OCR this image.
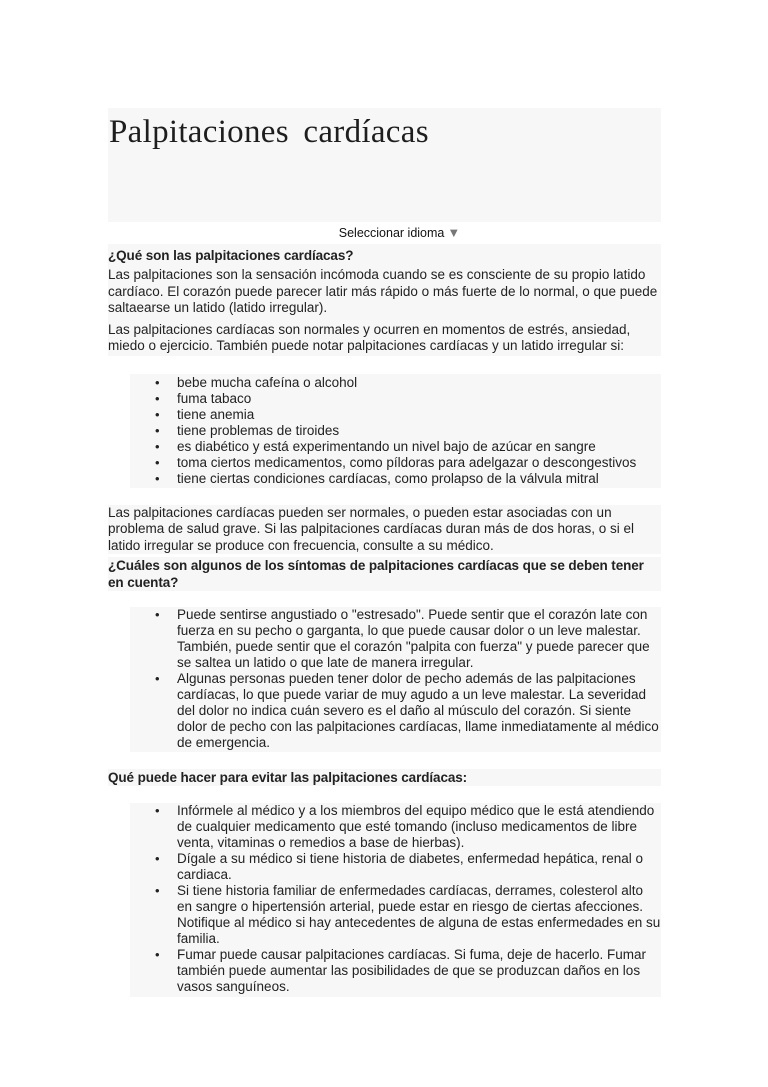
Palpitaciones cardíacas
Seleccionar idioma ▼
¿Qué son las palpitaciones cardíacas?

Las palpitaciones son la sensación incómoda cuando se es consciente de su propio latido cardíaco. El corazón puede parecer latir más rápido o más fuerte de lo normal, o que puede saltaearse un latido (latido irregular).

Las palpitaciones cardíacas son normales y ocurren en momentos de estrés, ansiedad, miedo o ejercicio. También puede notar palpitaciones cardíacas y un latido irregular si:

• bebe mucha cafeína o alcohol
• fuma tabaco
• tiene anemia
• tiene problemas de tiroides
• es diabético y está experimentando un nivel bajo de azúcar en sangre
• toma ciertos medicamentos, como píldoras para adelgazar o descongestivos
• tiene ciertas condiciones cardíacas, como prolapso de la válvula mitral

Las palpitaciones cardíacas pueden ser normales, o pueden estar asociadas con un problema de salud grave. Si las palpitaciones cardíacas duran más de dos horas, o si el latido irregular se produce con frecuencia, consulte a su médico.

¿Cuáles son algunos de los síntomas de palpitaciones cardíacas que se deben tener en cuenta?
• Puede sentirse angustiado o "estresado". Puede sentir que el corazón late con fuerza en su pecho o garganta, lo que puede causar dolor o un leve malestar. También, puede sentir que el corazón "palpita con fuerza" y puede parecer que se saltea un latido o que late de manera irregular.
• Algunas personas pueden tener dolor de pecho además de las palpitaciones cardíacas, lo que puede variar de muy agudo a un leve malestar. La severidad del dolor no indica cuán severo es el daño al músculo del corazón. Si siente dolor de pecho con las palpitaciones cardíacas, llame inmediatamente al médico de emergencia.
Qué puede hacer para evitar las palpitaciones cardíacas:
• Infórmele al médico y a los miembros del equipo médico que le está atendiendo de cualquier medicamento que esté tomando (incluso medicamentos de libre venta, vitaminas o remedios a base de hierbas).
• Dígale a su médico si tiene historia de diabetes, enfermedad hepática, renal o cardiaca.
• Si tiene historia familiar de enfermedades cardíacas, derrames, colesterol alto en sangre o hipertensión arterial, puede estar en riesgo de ciertas afecciones. Notifique al médico si hay antecedentes de alguna de estas enfermedades en su familia.
• Fumar puede causar palpitaciones cardíacas. Si fuma, deje de hacerlo. Fumar también puede aumentar las posibilidades de que se produzcan daños en los vasos sanguíneos.
